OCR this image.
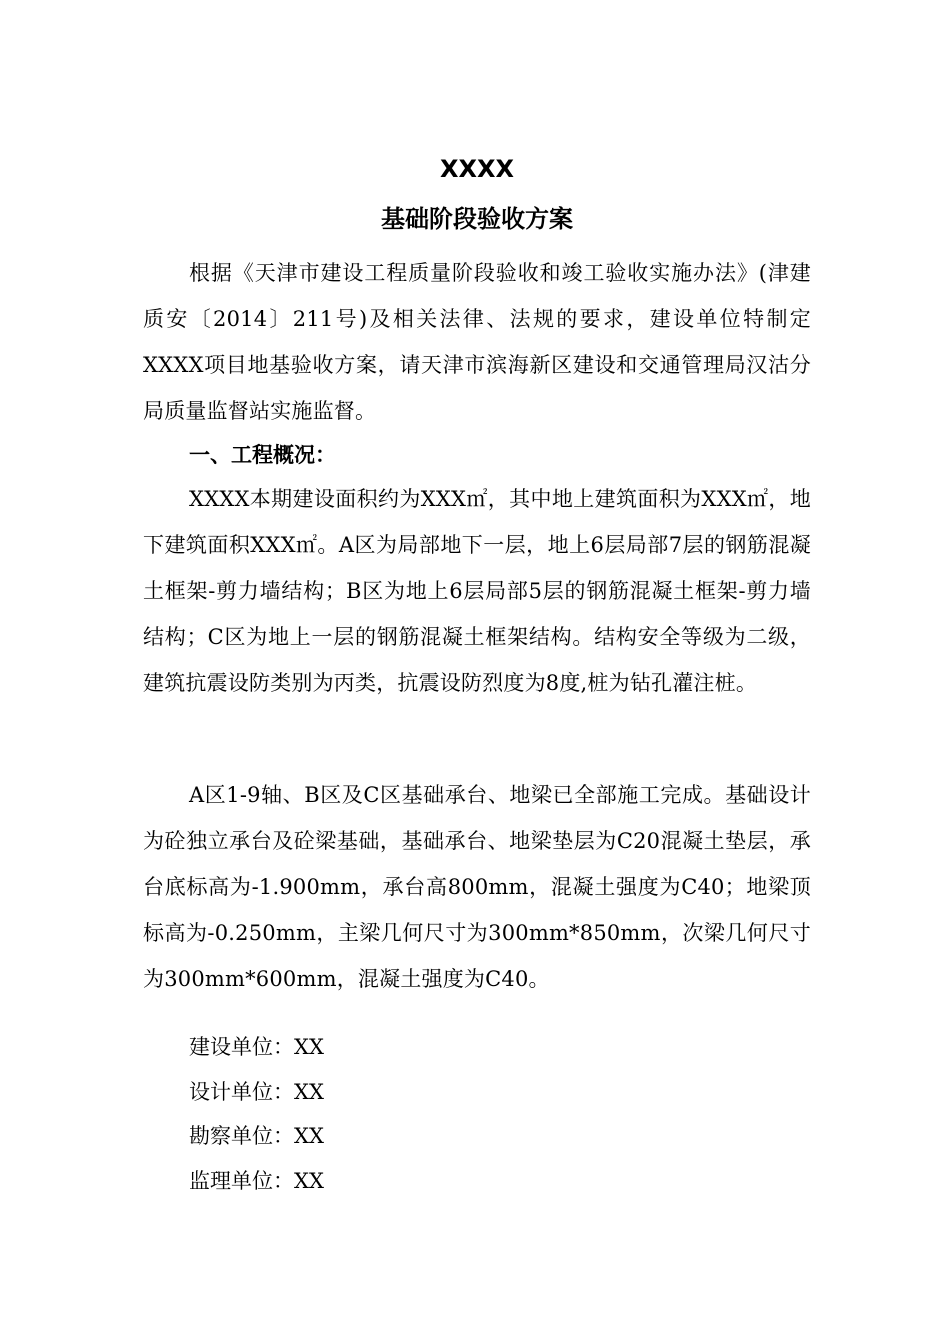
XXXX
基础阶段验收方案

根据《天津市建设工程质量阶段验收和竣工验收实施办法》(津建质安〔2014〕211号)及相关法律、法规的要求，建设单位特制定XXXX项目地基验收方案，请天津市滨海新区建设和交通管理局汉沽分局质量监督站实施监督。

一、工程概况：

XXXX本期建设面积约为XXX㎡，其中地上建筑面积为XXX㎡，地下建筑面积XXX㎡。A区为局部地下一层，地上6层局部7层的钢筋混凝土框架-剪力墙结构；B区为地上6层局部5层的钢筋混凝土框架-剪力墙结构；C区为地上一层的钢筋混凝土框架结构。结构安全等级为二级，建筑抗震设防类别为丙类，抗震设防烈度为8度,桩为钻孔灌注桩。

A区1-9轴、B区及C区基础承台、地梁已全部施工完成。基础设计为砼独立承台及砼梁基础，基础承台、地梁垫层为C20混凝土垫层，承台底标高为-1.900mm，承台高800mm，混凝土强度为C40；地梁顶标高为-0.250mm，主梁几何尺寸为300mm*850mm，次梁几何尺寸为300mm*600mm，混凝土强度为C40。

建设单位：XX
设计单位：XX
勘察单位：XX
监理单位：XX
